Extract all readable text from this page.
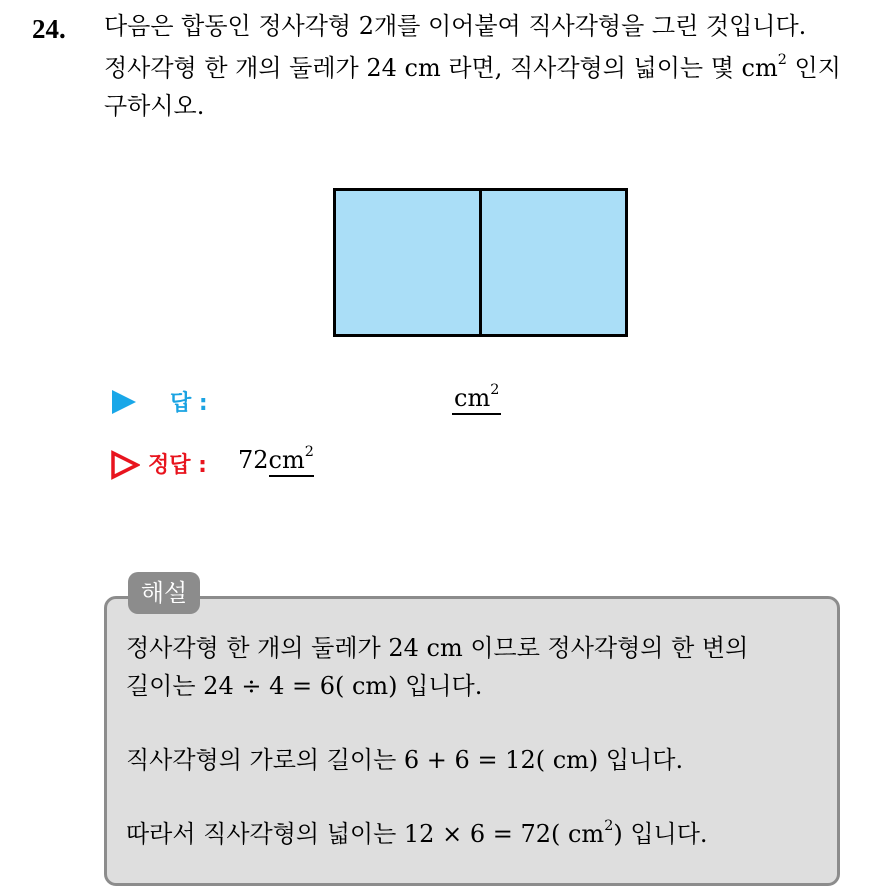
24. 다음은 합동인 정사각형 2개를 이어붙여 직사각형을 그린 것입니다.
정사각형 한 개의 둘레가 24 cm 라면, 직사각형의 넓이는 몇 $cm^2$ 인지
구하시오.
답 :	$cm^2$
정답 : $72cm^2$
해설
정사각형 한 개의 둘레가 24 cm 이므로 정사각형의 한 변의
길이는 24 ÷ 4 = 6( cm) 입니다.
직사각형의 가로의 길이는 6 + 6 = 12( cm) 입니다.
따라서 직사각형의 넓이는 12 × 6 = 72( $cm^2$) 입니다.
